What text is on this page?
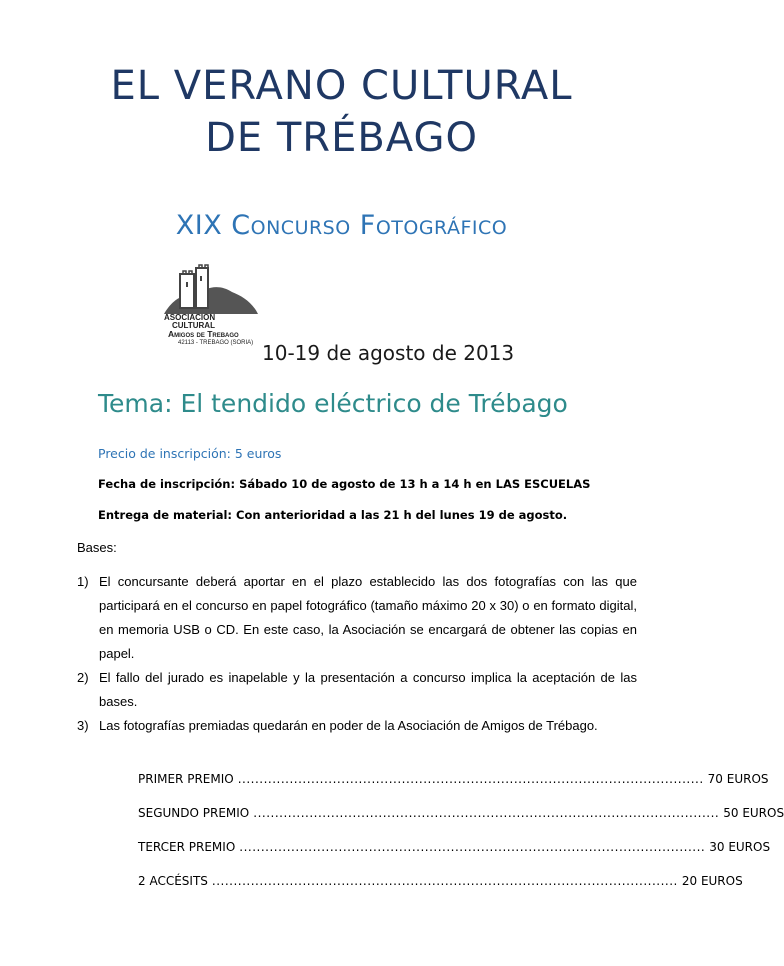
EL VERANO CULTURAL
DE TRÉBAGO
XIX Concurso Fotográfico
ASOCIACION
CULTURAL
Amigos de Trebago
42113 - TREBAGO (SORIA) 10-19 de agosto de 2013
Tema: El tendido eléctrico de Trébago
Precio de inscripción: 5 euros
Fecha de inscripción: Sábado 10 de agosto de 13 h a 14 h en LAS ESCUELAS
Entrega de material: Con anterioridad a las 21 h del lunes 19 de agosto.
Bases:
1) El concursante deberá aportar en el plazo establecido las dos fotografías con las que participará en el concurso en papel fotográfico (tamaño máximo 20 x 30) o en formato digital, en memoria USB o CD. En este caso, la Asociación se encargará de obtener las copias en papel.
2) El fallo del jurado es inapelable y la presentación a concurso implica la aceptación de las bases.
3) Las fotografías premiadas quedarán en poder de la Asociación de Amigos de Trébago.
PRIMER PREMIO ............................................................................................................ 70 EUROS
SEGUNDO PREMIO ............................................................................................................ 50 EUROS
TERCER PREMIO ............................................................................................................ 30 EUROS
2 ACCÉSITS ............................................................................................................ 20 EUROS
